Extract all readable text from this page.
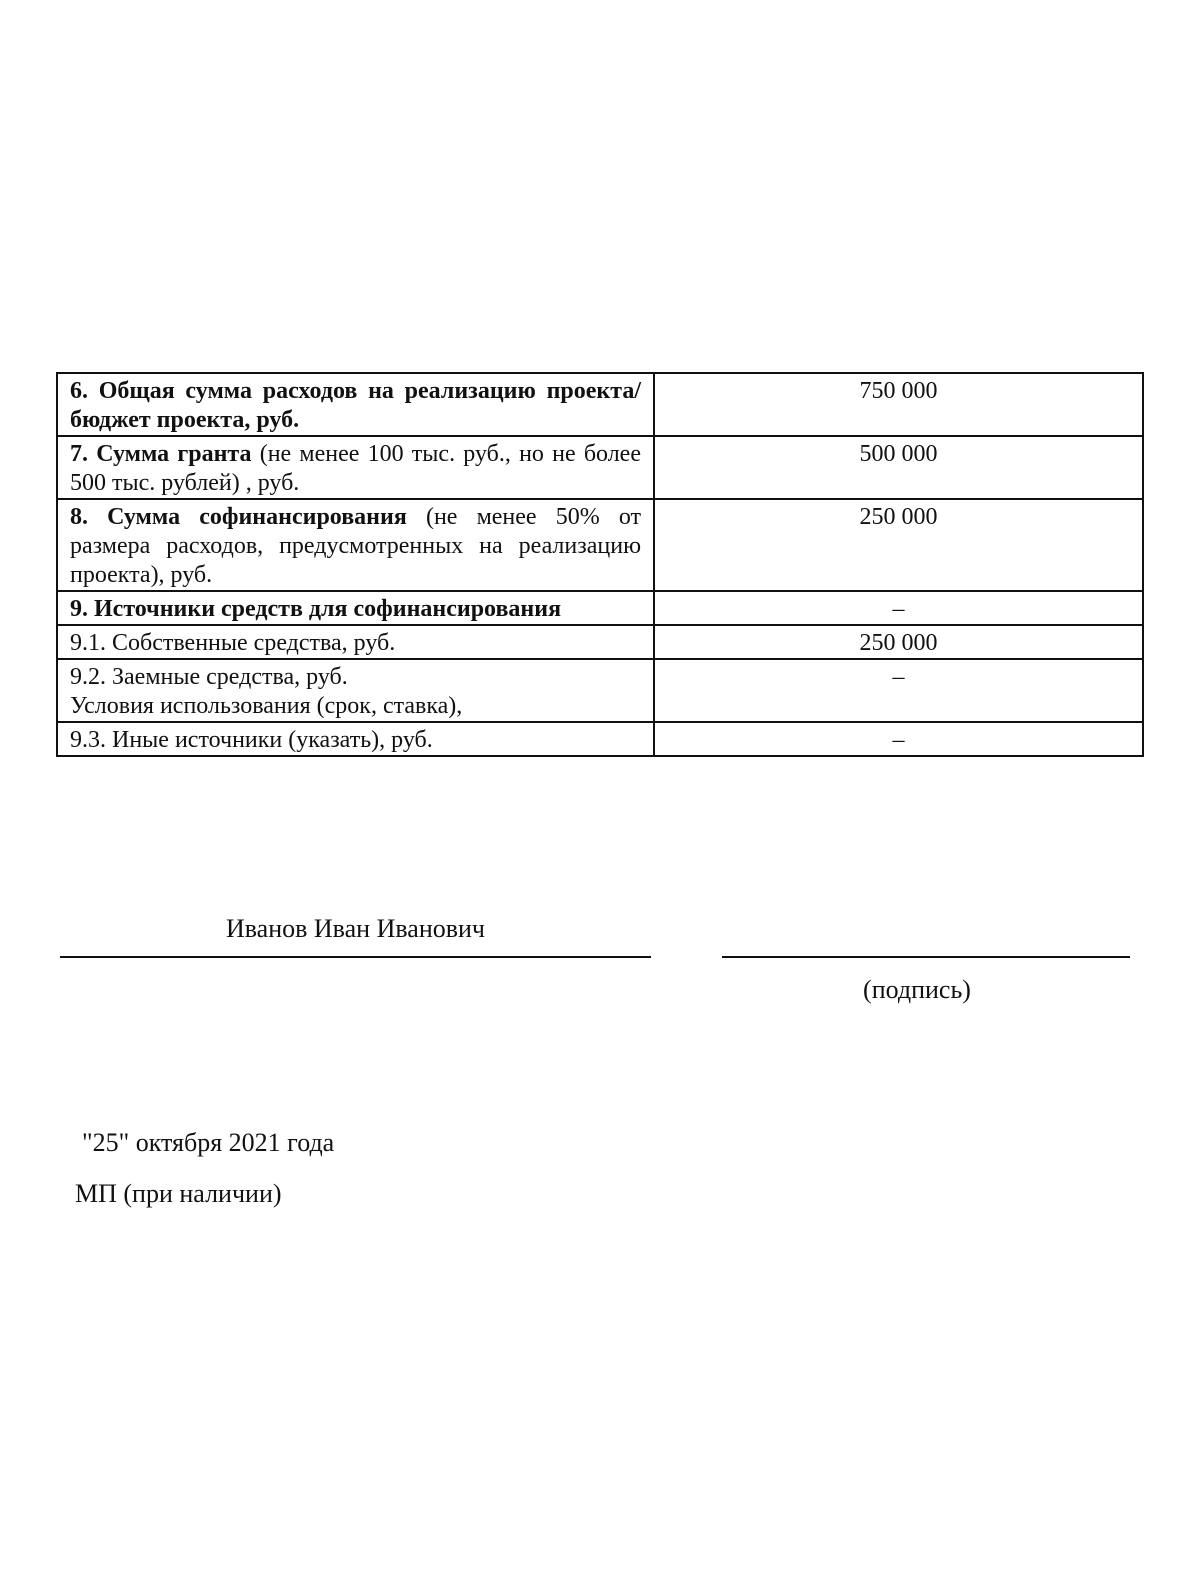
6. Общая сумма расходов на реализацию проекта/бюджет проекта, руб.	750 000
7. Сумма гранта (не менее 100 тыс. руб., но не более 500 тыс. рублей) , руб.	500 000
8. Сумма софинансирования (не менее 50% от размера расходов, предусмотренных на реализацию проекта), руб.	250 000
9. Источники средств для софинансирования	–
9.1. Собственные средства, руб.	250 000
9.2. Заемные средства, руб.
Условия использования (срок, ставка),	–
9.3. Иные источники (указать), руб.	–
Иванов Иван Иванович
(подпись)
"25" октября 2021 года
МП (при наличии)
